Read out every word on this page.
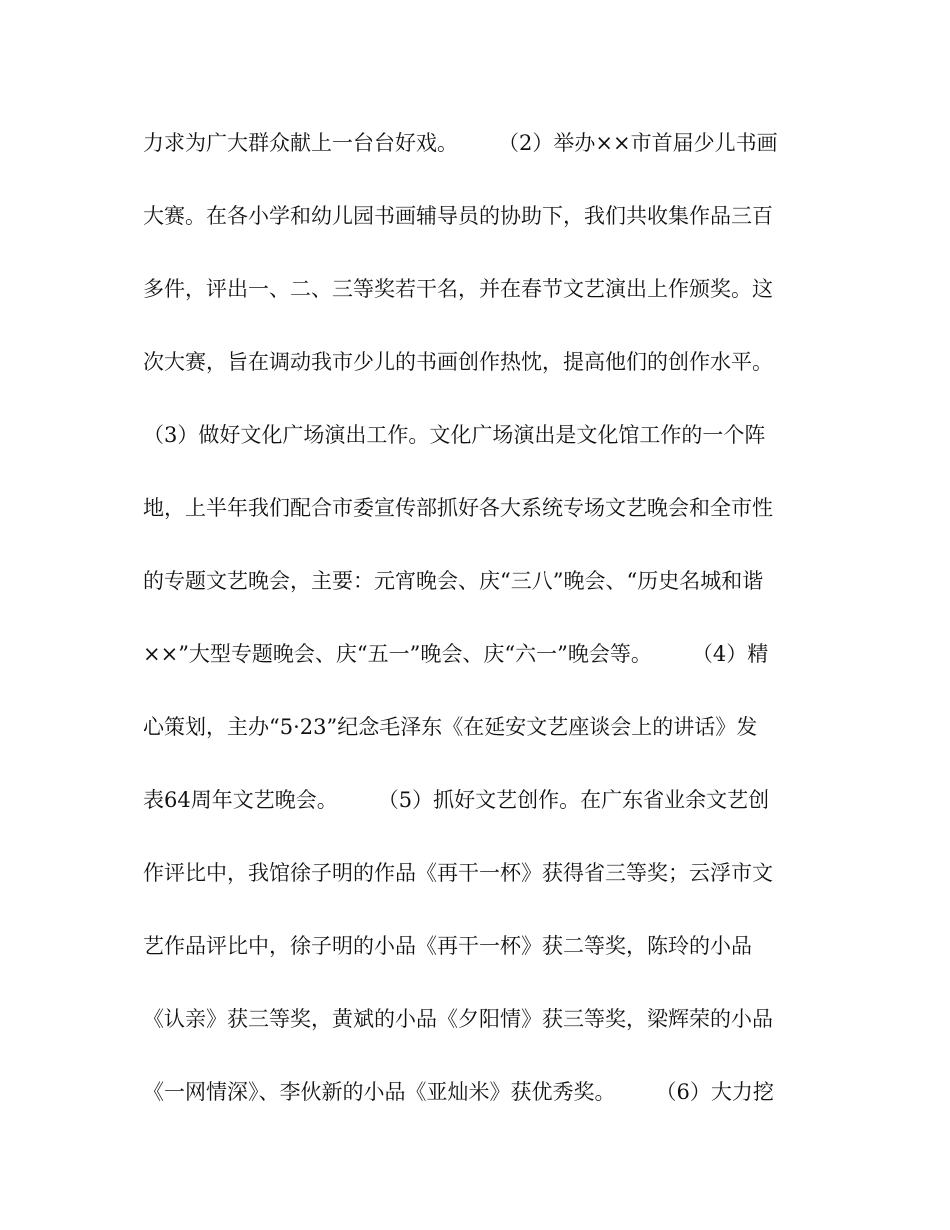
力求为广大群众献上一台台好戏。      （2）举办××市首届少儿书画
大赛。在各小学和幼儿园书画辅导员的协助下，我们共收集作品三百
多件，评出一、二、三等奖若干名，并在春节文艺演出上作颁奖。这
次大赛，旨在调动我市少儿的书画创作热忱，提高他们的创作水平。
（3）做好文化广场演出工作。文化广场演出是文化馆工作的一个阵
地，上半年我们配合市委宣传部抓好各大系统专场文艺晚会和全市性
的专题文艺晚会，主要：元宵晚会、庆“三八”晚会、“历史名城和谐
××”大型专题晚会、庆“五一”晚会、庆“六一”晚会等。      （4）精
心策划，主办“5·23”纪念毛泽东《在延安文艺座谈会上的讲话》发
表64周年文艺晚会。      （5）抓好文艺创作。在广东省业余文艺创
作评比中，我馆徐子明的作品《再干一杯》获得省三等奖；云浮市文
艺作品评比中，徐子明的小品《再干一杯》获二等奖，陈玲的小品
《认亲》获三等奖，黄斌的小品《夕阳情》获三等奖，梁辉荣的小品
《一网情深》、李伙新的小品《亚灿米》获优秀奖。      （6）大力挖
